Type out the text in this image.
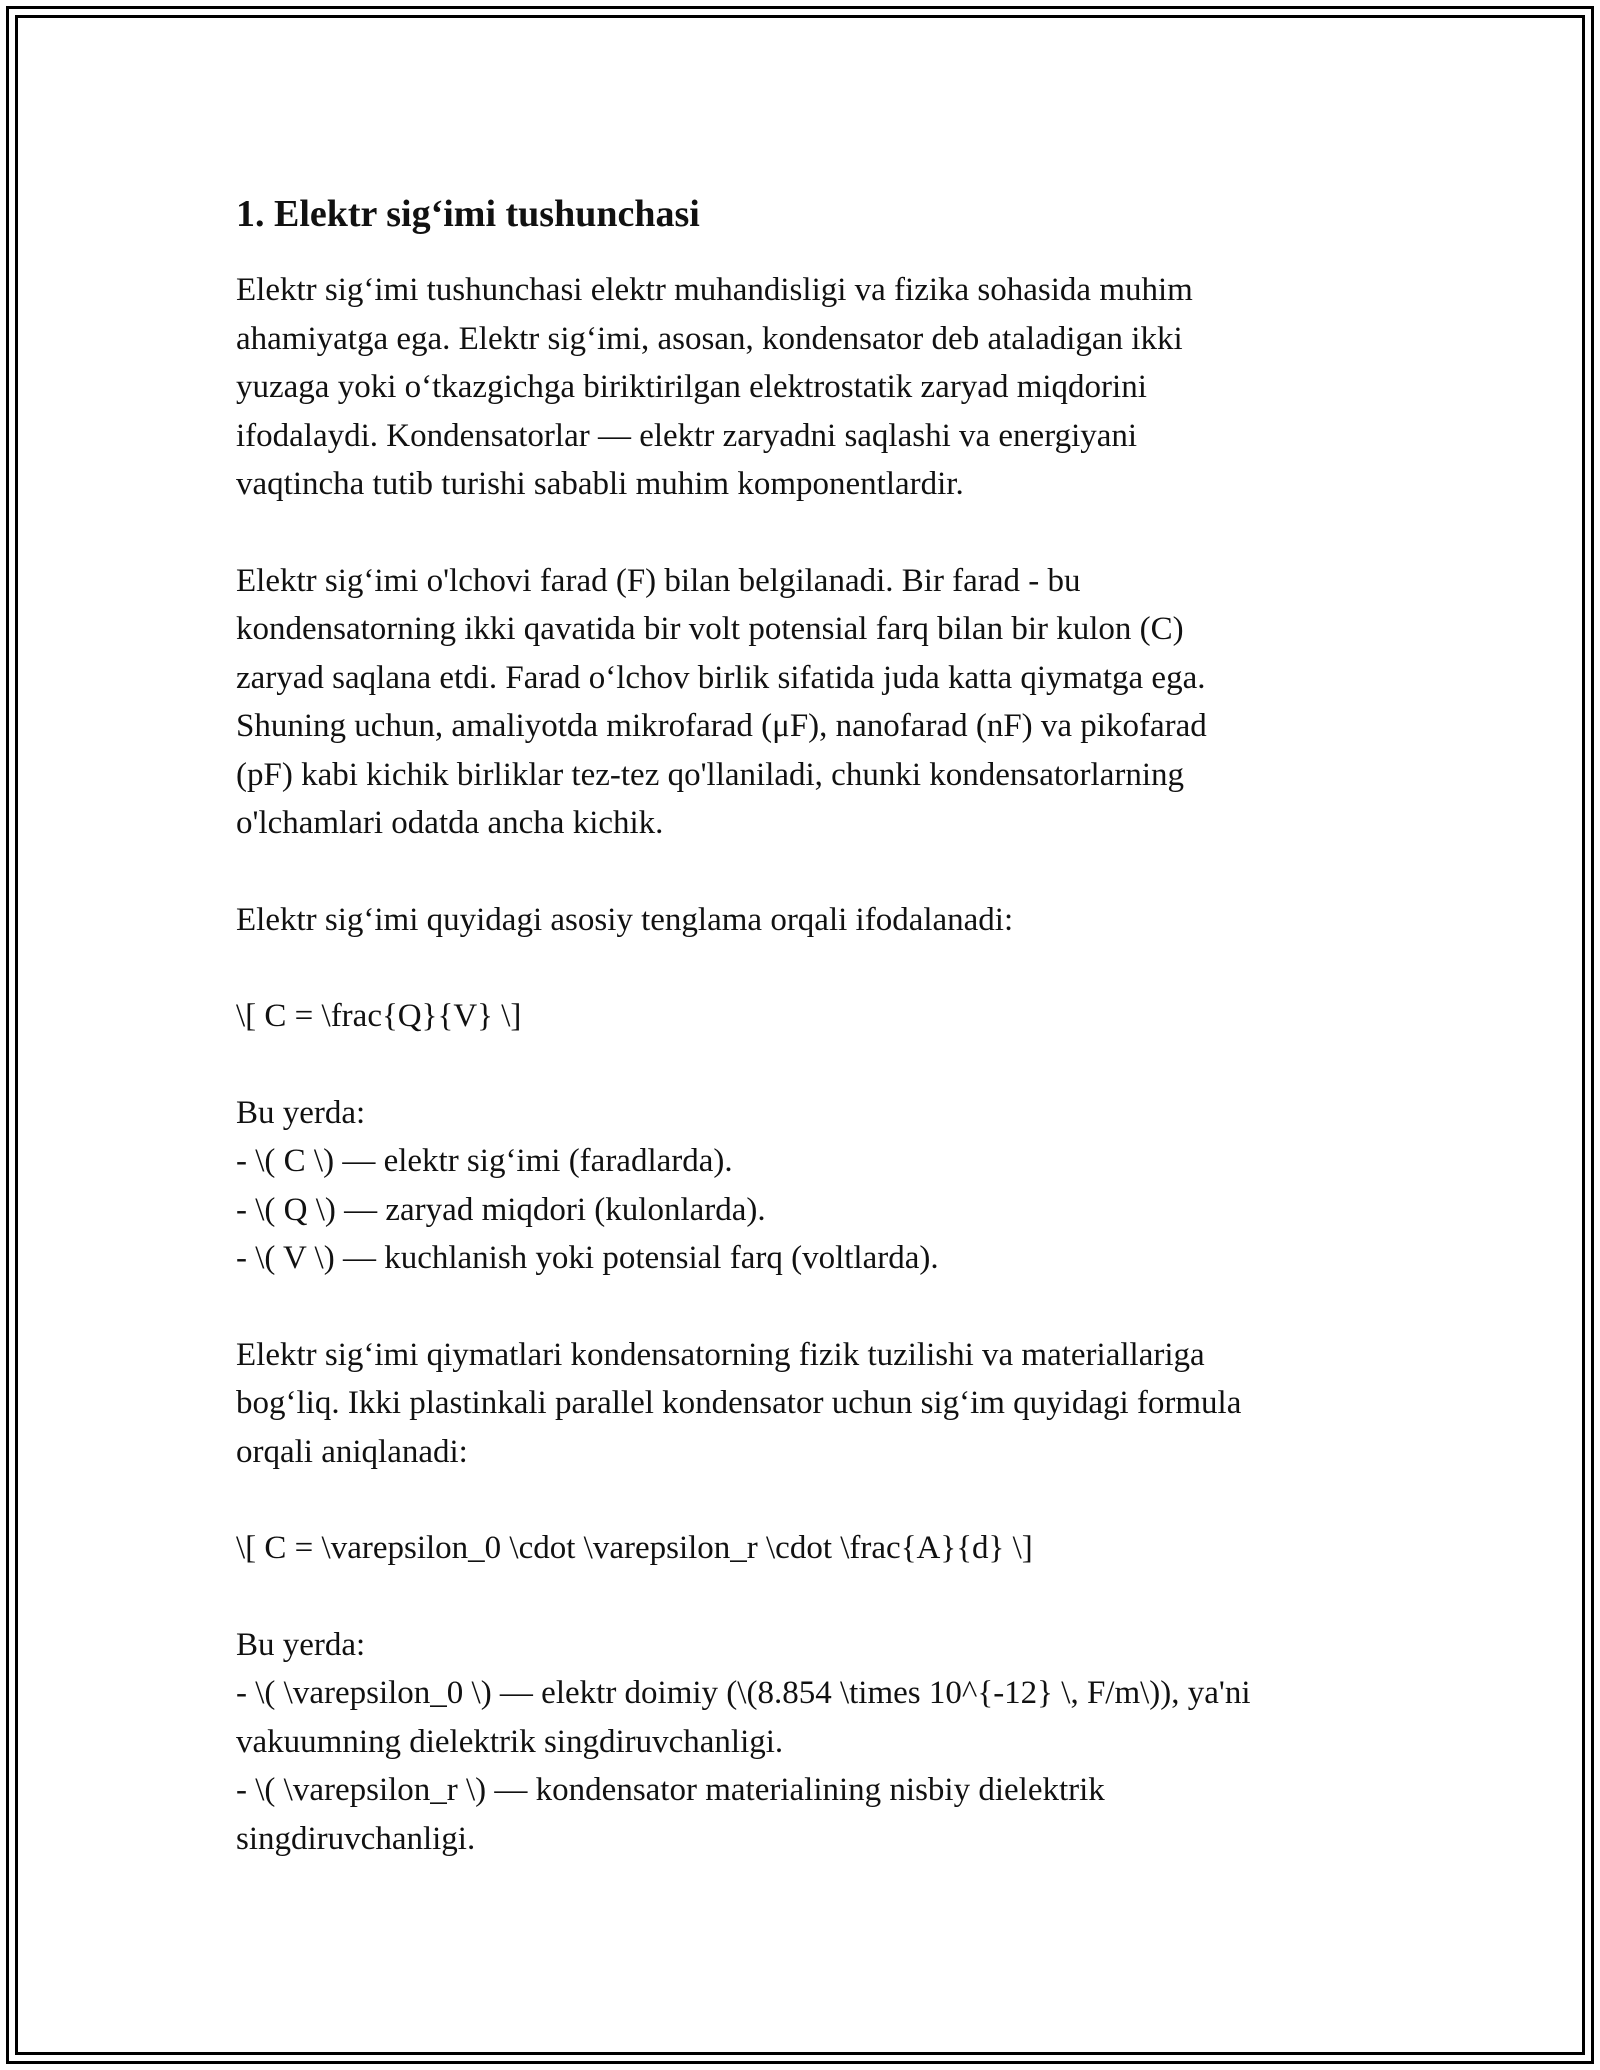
1. Elektr sig‘imi tushunchasi

Elektr sig‘imi tushunchasi elektr muhandisligi va fizika sohasida muhim
ahamiyatga ega. Elektr sig‘imi, asosan, kondensator deb ataladigan ikki
yuzaga yoki o‘tkazgichga biriktirilgan elektrostatik zaryad miqdorini
ifodalaydi. Kondensatorlar — elektr zaryadni saqlashi va energiyani
vaqtincha tutib turishi sababli muhim komponentlardir.

Elektr sig‘imi o'lchovi farad (F) bilan belgilanadi. Bir farad - bu
kondensatorning ikki qavatida bir volt potensial farq bilan bir kulon (C)
zaryad saqlana etdi. Farad o‘lchov birlik sifatida juda katta qiymatga ega.
Shuning uchun, amaliyotda mikrofarad (μF), nanofarad (nF) va pikofarad
(pF) kabi kichik birliklar tez-tez qo'llaniladi, chunki kondensatorlarning
o'lchamlari odatda ancha kichik.

Elektr sig‘imi quyidagi asosiy tenglama orqali ifodalanadi:

\[ C = \frac{Q}{V} \]

Bu yerda:
- \( C \) — elektr sig‘imi (faradlarda).
- \( Q \) — zaryad miqdori (kulonlarda).
- \( V \) — kuchlanish yoki potensial farq (voltlarda).

Elektr sig‘imi qiymatlari kondensatorning fizik tuzilishi va materiallariga
bog‘liq. Ikki plastinkali parallel kondensator uchun sig‘im quyidagi formula
orqali aniqlanadi:

\[ C = \varepsilon_0 \cdot \varepsilon_r \cdot \frac{A}{d} \]

Bu yerda:
- \( \varepsilon_0 \) — elektr doimiy (\(8.854 \times 10^{-12} \, F/m\)), ya'ni
vakuumning dielektrik singdiruvchanligi.
- \( \varepsilon_r \) — kondensator materialining nisbiy dielektrik
singdiruvchanligi.
